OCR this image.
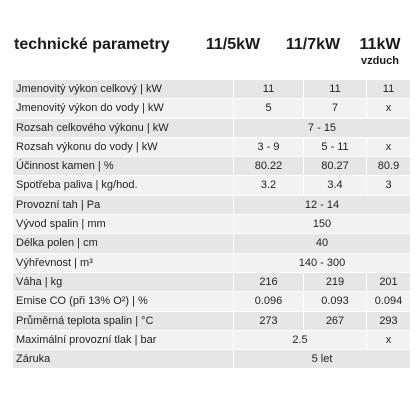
technické parametry	11/5kW	11/7kW	11kW
vzduch
Jmenovitý výkon celkový | kW	11	11	11
Jmenovitý výkon do vody | kW	5	7	x
Rozsah celkového výkonu | kW	7 - 15
Rozsah výkonu do vody | kW	3 - 9	5 - 11	x
Účinnost kamen | %	80.22	80.27	80.9
Spotřeba paliva | kg/hod.	3.2	3.4	3
Provozní tah | Pa	12 - 14
Vývod spalin | mm	150
Délka polen | cm	40
Výhřevnost | m³	140 - 300
Váha | kg	216	219	201
Emise CO (při 13% O²) | %	0.096	0.093	0.094
Průměrná teplota spalin | °C	273	267	293
Maximální provozní tlak | bar	2.5	x
Záruka	5 let
